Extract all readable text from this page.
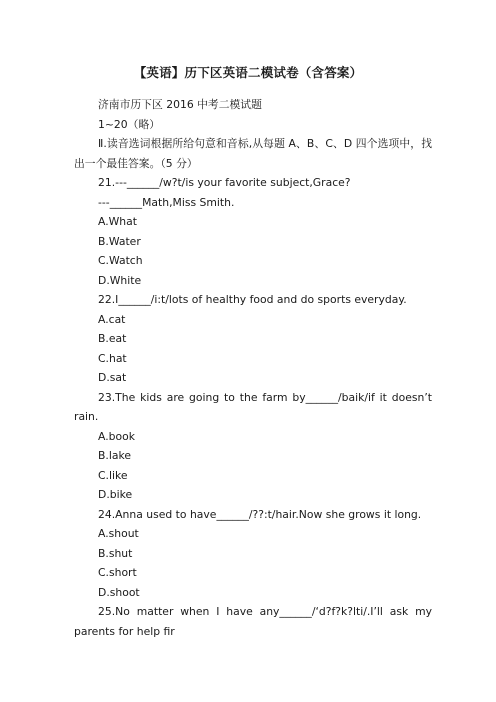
【英语】历下区英语二模试卷（含答案）

济南市历下区 2016 中考二模试题

1~20（略）

Ⅱ.读音选词根据所给句意和音标,从每题 A、B、C、D 四个选项中，找出一个最佳答案。（5 分）

21.---______/w?t/is your favorite subject,Grace?

---______Math,Miss Smith.

A.What

B.Water

C.Watch

D.White

22.I______/i:t/lots of healthy food and do sports everyday.

A.cat

B.eat

C.hat

D.sat

23.The kids are going to the farm by______/baik/if it doesn’t rain.

A.book

B.lake

C.like

D.bike

24.Anna used to have______/??:t/hair.Now she grows it long.

A.shout

B.shut

C.short

D.shoot

25.No matter when I have any______/‘d?f?k?lti/.I’ll ask my parents for help fir
